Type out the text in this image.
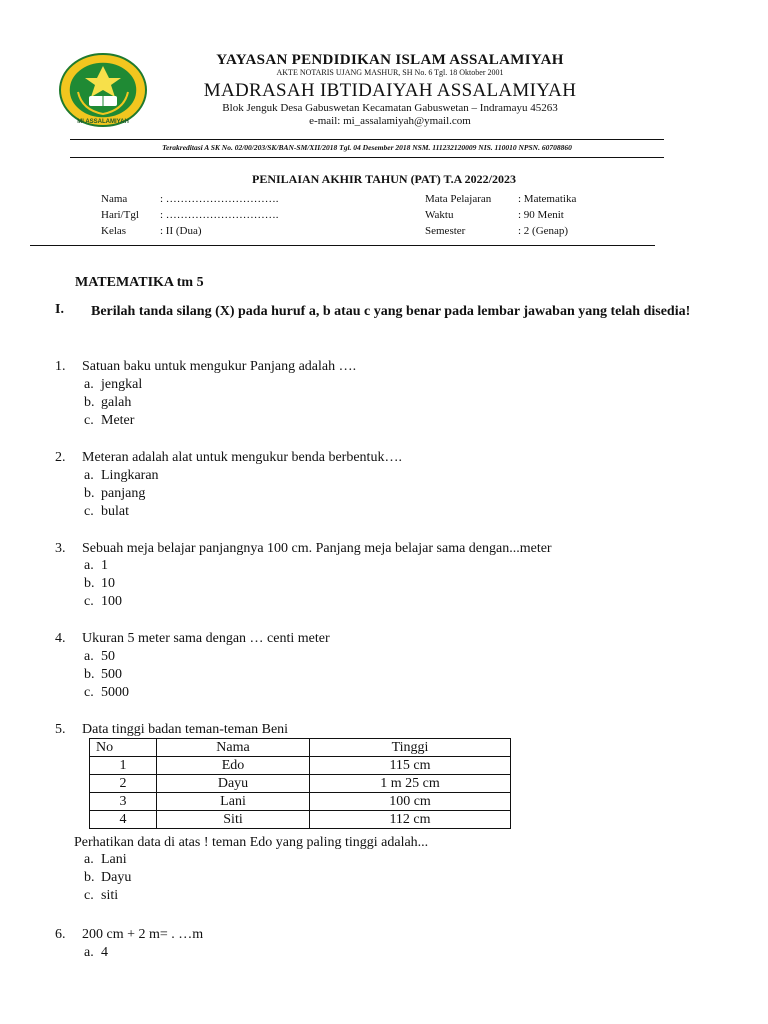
MI ASSALAMIYAH
YAYASAN PENDIDIKAN ISLAM ASSALAMIYAH
AKTE NOTARIS UJANG MASHUR, SH No. 6 Tgl. 18 Oktober 2001
MADRASAH IBTIDAIYAH ASSALAMIYAH
Blok Jenguk Desa Gabuswetan Kecamatan Gabuswetan – Indramayu 45263
e-mail: mi_assalamiyah@ymail.com
Terakreditasi A SK No. 02/00/203/SK/BAN-SM/XII/2018 Tgl. 04 Desember 2018 NSM. 111232120009 NIS. 110010 NPSN. 60708860
PENILAIAN AKHIR TAHUN (PAT) T.A 2022/2023
Nama	: ………………………….
Hari/Tgl : ………………………….
Kelas	: II (Dua)
Mata Pelajaran : Matematika
Waktu	: 90 Menit
Semester	: 2 (Genap)
MATEMATIKA tm 5
I. Berilah tanda silang (X) pada huruf a, b atau c yang benar pada lembar jawaban yang telah disedia!
1. Satuan baku untuk mengukur Panjang adalah ….
a. jengkal
b. galah
c. Meter
2. Meteran adalah alat untuk mengukur benda berbentuk….
a. Lingkaran
b. panjang
c. bulat
3. Sebuah meja belajar panjangnya 100 cm. Panjang meja belajar sama dengan...meter
a. 1
b. 10
c. 100
4. Ukuran 5 meter sama dengan … centi meter
a. 50
b. 500
c. 5000
5. Data tinggi badan teman-teman Beni
No	Nama	Tinggi
1	Edo	115 cm
2	Dayu	1 m 25 cm
3	Lani	100 cm
4	Siti	112 cm
Perhatikan data di atas ! teman Edo yang paling tinggi adalah...
a. Lani
b. Dayu
c. siti
6. 200 cm + 2 m= . …m
a. 4
